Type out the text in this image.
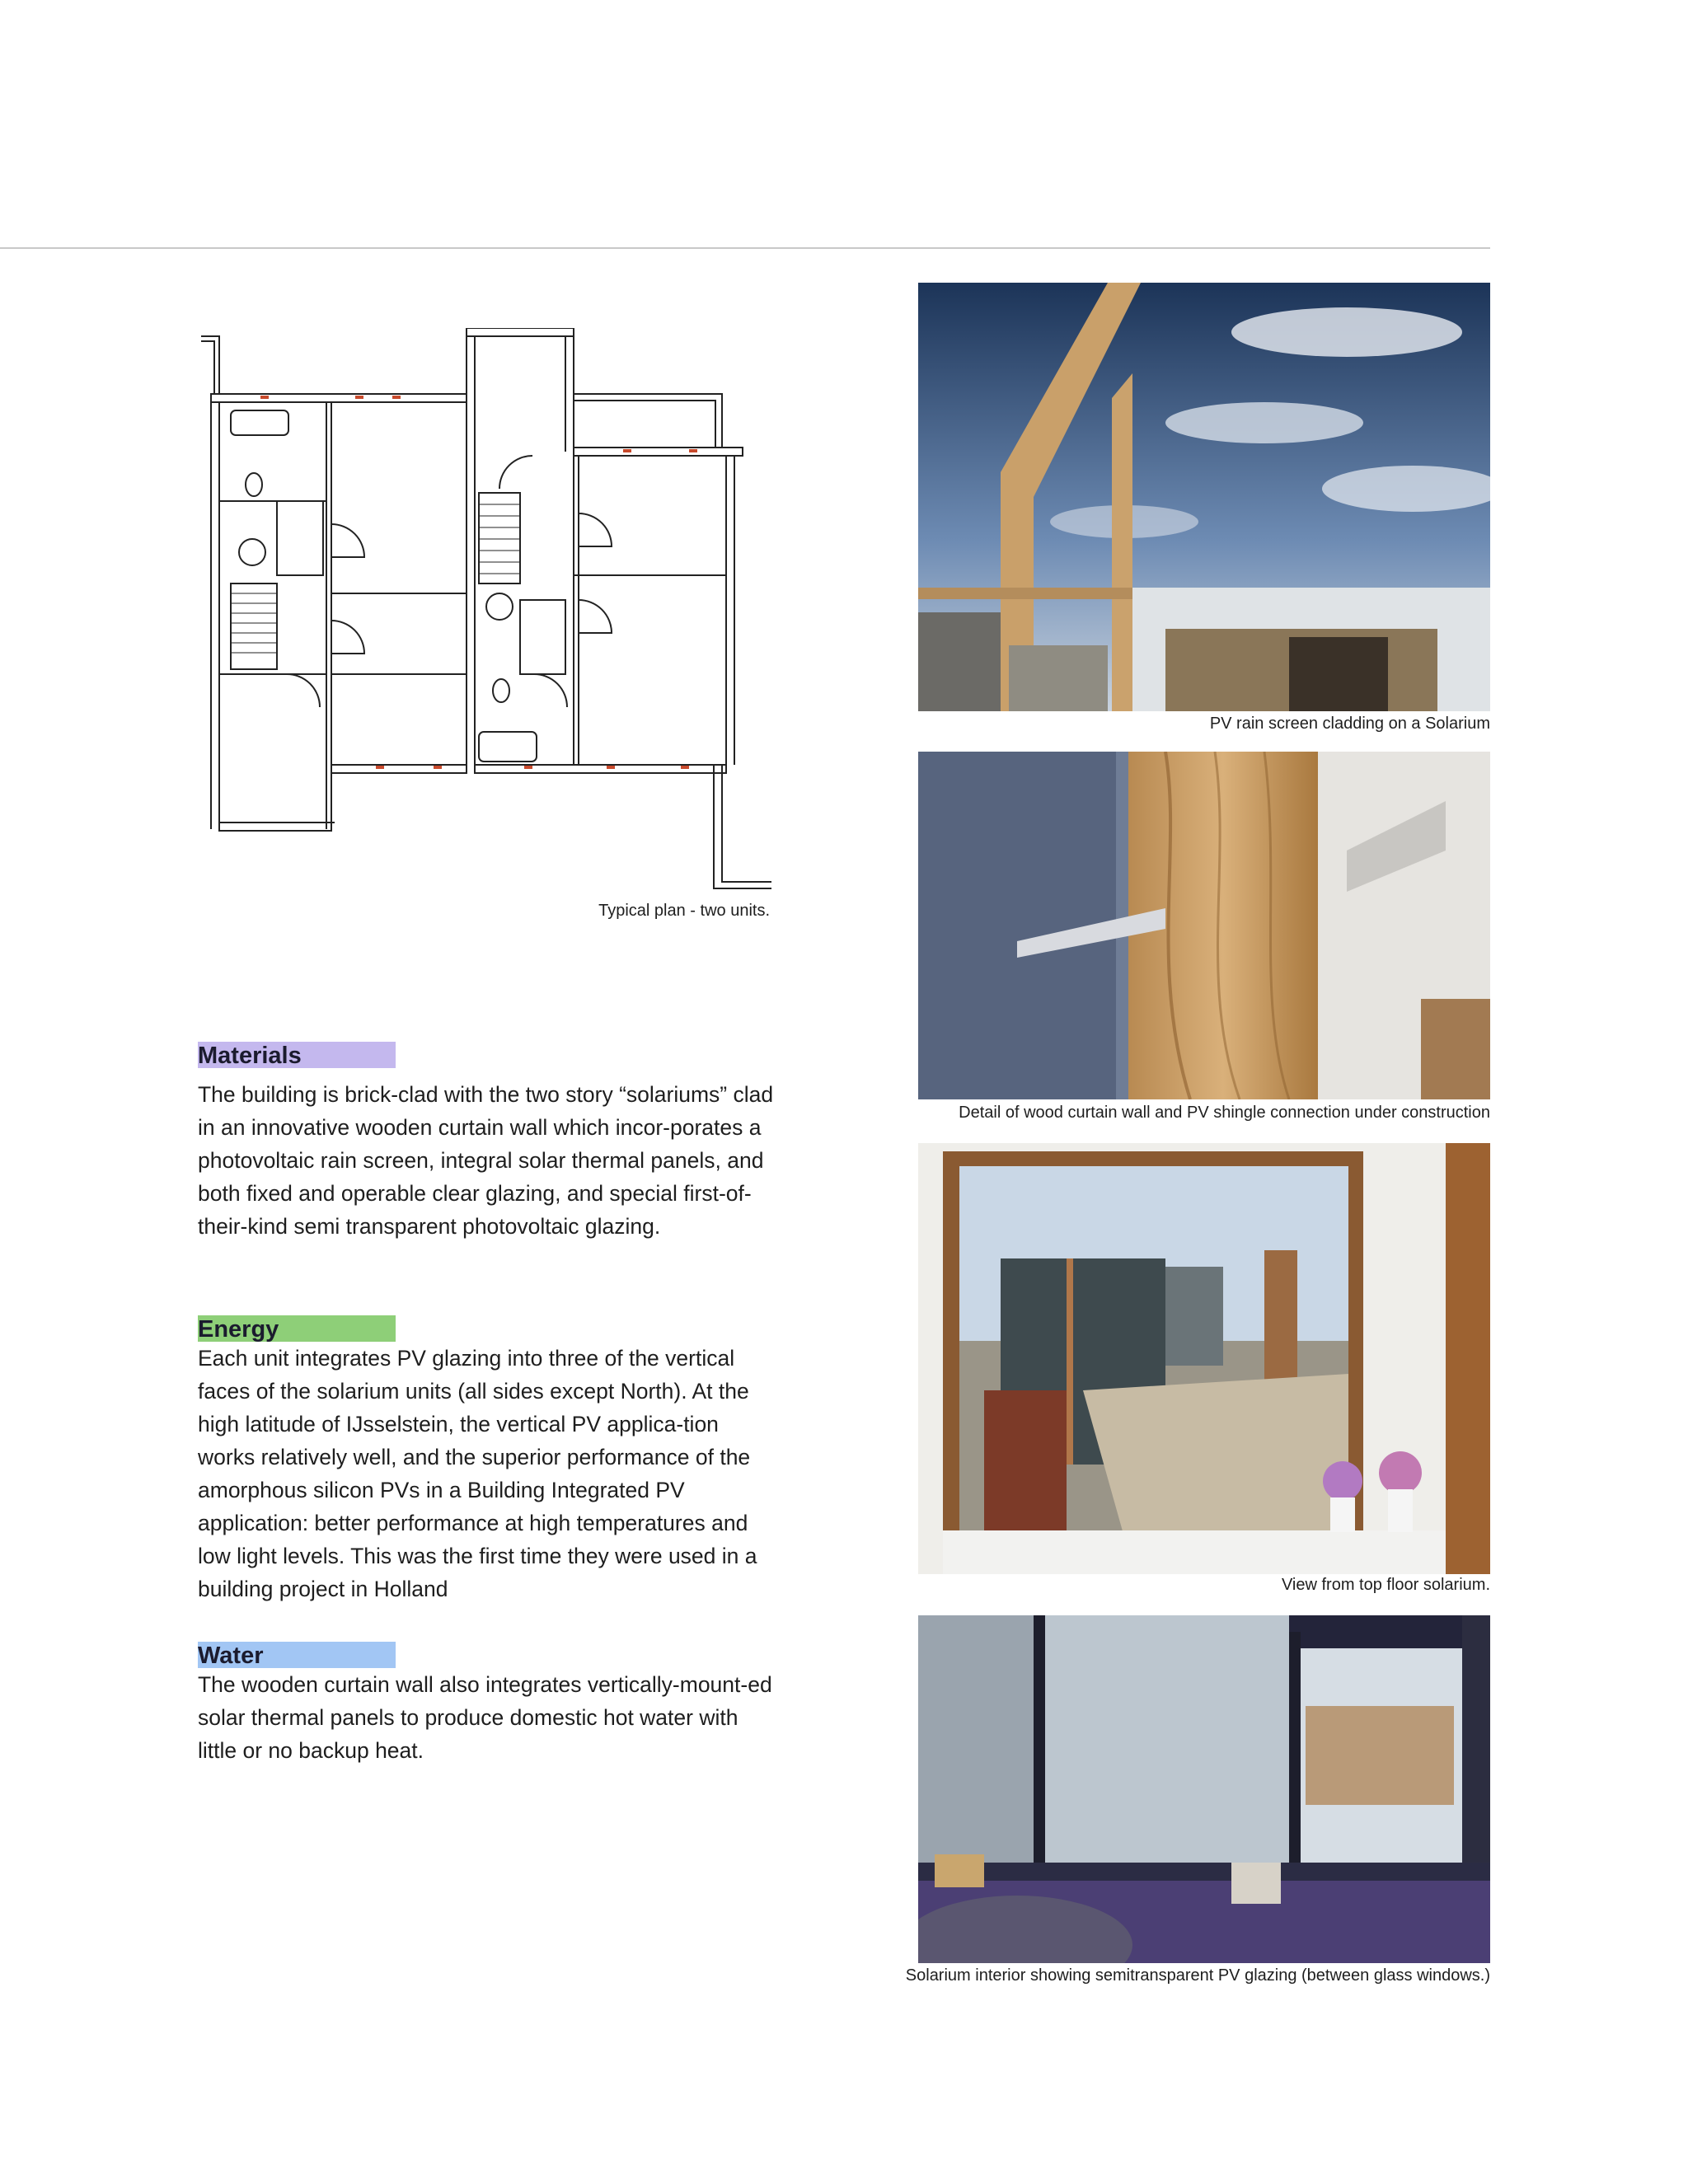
Typical plan - two units.
Materials
The building is brick-clad with the two story “solariums” clad in an innovative wooden curtain wall which incor-porates a photovoltaic rain screen, integral solar thermal panels, and both fixed and operable clear glazing, and special first-of-their-kind semi transparent photovoltaic glazing.
Energy
Each unit integrates PV glazing into three of the vertical faces of the solarium units (all sides except North). At the high latitude of IJsselstein, the vertical PV applica-tion works relatively well, and the superior performance of the amorphous silicon PVs in a Building Integrated PV application: better performance at high temperatures and low light levels. This was the first time they were used in a building project in Holland
Water
The wooden curtain wall also integrates vertically-mount-ed solar thermal panels to produce domestic hot water with little or no backup heat.
PV rain screen cladding on a Solarium
Detail of wood curtain wall and PV shingle connection under construction
View from top floor solarium.
Solarium interior showing semitransparent PV glazing (between glass windows.)
